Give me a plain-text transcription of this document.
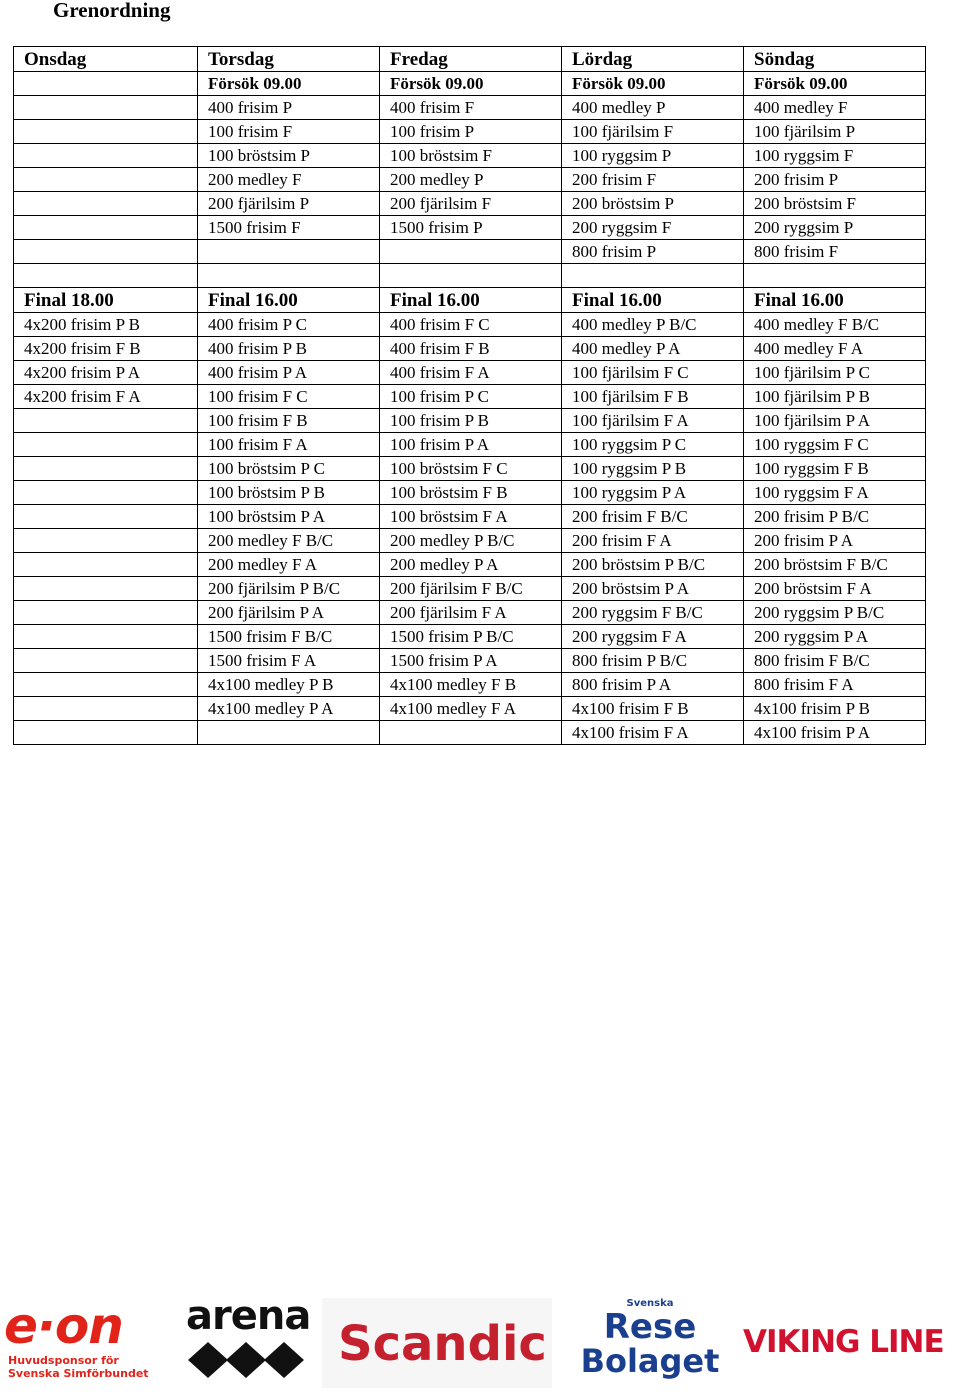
Grenordning
Onsdag	Torsdag	Fredag	Lördag	Söndag
	Försök 09.00	Försök 09.00	Försök 09.00	Försök 09.00
	400 frisim P	400 frisim F	400 medley P	400 medley F
	100 frisim F	100 frisim P	100 fjärilsim F	100 fjärilsim P
	100 bröstsim P	100 bröstsim F	100 ryggsim P	100 ryggsim F
	200 medley F	200 medley P	200 frisim F	200 frisim P
	200 fjärilsim P	200 fjärilsim F	200 bröstsim P	200 bröstsim F
	1500 frisim F	1500 frisim P	200 ryggsim F	200 ryggsim P
			800 frisim P	800 frisim F

Final 18.00	Final 16.00	Final 16.00	Final 16.00	Final 16.00
4x200 frisim P B	400 frisim P C	400 frisim F C	400 medley P B/C	400 medley F B/C
4x200 frisim F B	400 frisim P B	400 frisim F B	400 medley P A	400 medley F A
4x200 frisim P A	400 frisim P A	400 frisim F A	100 fjärilsim F C	100 fjärilsim P C
4x200 frisim F A	100 frisim F C	100 frisim P C	100 fjärilsim F B	100 fjärilsim P B
	100 frisim F B	100 frisim P B	100 fjärilsim F A	100 fjärilsim P A
	100 frisim F A	100 frisim P A	100 ryggsim P C	100 ryggsim F C
	100 bröstsim P C	100 bröstsim F C	100 ryggsim P B	100 ryggsim F B
	100 bröstsim P B	100 bröstsim F B	100 ryggsim P A	100 ryggsim F A
	100 bröstsim P A	100 bröstsim F A	200 frisim F B/C	200 frisim P B/C
	200 medley F B/C	200 medley P B/C	200 frisim F A	200 frisim P A
	200 medley F A	200 medley P A	200 bröstsim P B/C	200 bröstsim F B/C
	200 fjärilsim P B/C	200 fjärilsim F B/C	200 bröstsim P A	200 bröstsim F A
	200 fjärilsim P A	200 fjärilsim F A	200 ryggsim F B/C	200 ryggsim P B/C
	1500 frisim F B/C	1500 frisim P B/C	200 ryggsim F A	200 ryggsim P A
	1500 frisim F A	1500 frisim P A	800 frisim P B/C	800 frisim F B/C
	4x100 medley P B	4x100 medley F B	800 frisim P A	800 frisim F A
	4x100 medley P A	4x100 medley F A	4x100 frisim F B	4x100 frisim P B
			4x100 frisim F A	4x100 frisim P A
e·on
Huvudsponsor för
Svenska Simförbundet
arena Scandic
Svenska
Rese
Bolaget VIKING LINE
